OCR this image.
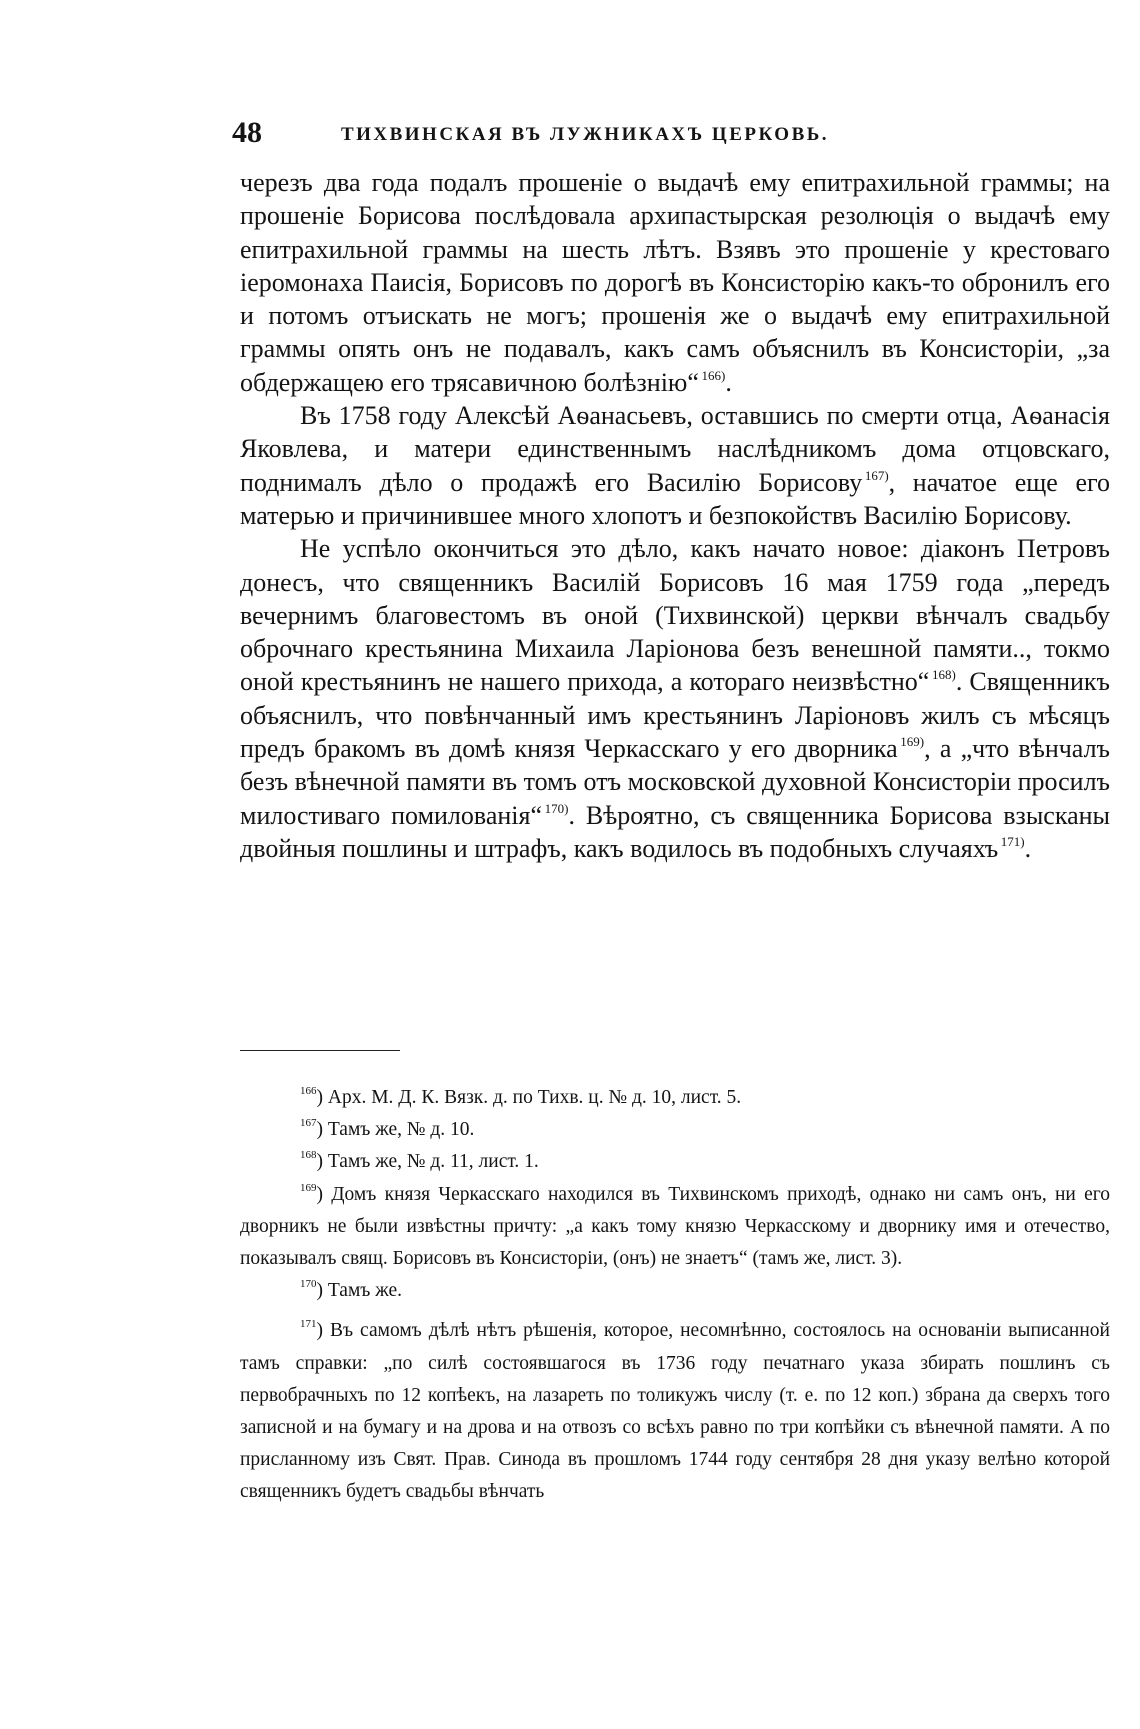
48	ТИХВИНСКАЯ ВЪ ЛУЖНИКАХЪ ЦЕРКОВЬ.

черезъ два года подалъ прошеніе о выдачѣ ему епитрахильной граммы; на прошеніе Борисова послѣдовала архипастырская резолюція о выдачѣ ему епитрахильной граммы на шесть лѣтъ. Взявъ это прошеніе у крестоваго іеромонаха Паисія, Борисовъ по дорогѣ въ Консисторію какъ-то обронилъ его и потомъ отъискать не могъ; прошенія же о выдачѣ ему епитрахильной граммы опять онъ не подавалъ, какъ самъ объяснилъ въ Консисторіи, „за обдержащею его трясавичною болѣзнію“  $^{166)}$.

Въ 1758 году Алексѣй Аѳанасьевъ, оставшись по смерти отца, Аѳанасія Яковлева, и матери единственнымъ наслѣдникомъ дома отцовскаго, поднималъ дѣло о продажѣ его Василію Борисову  $^{167)}$, начатое еще его матерью и причинившее много хлопотъ и безпокойствъ Василію Борисову.

Не успѣло окончиться это дѣло, какъ начато новое: діаконъ Петровъ донесъ, что священникъ Василій Борисовъ 16 мая 1759 года „передъ вечернимъ благовестомъ въ оной (Тихвинской) церкви вѣнчалъ свадьбу оброчнаго крестьянина Михаила Ларіонова безъ венешной памяти.., токмо оной крестьянинъ не нашего прихода, а котораго неизвѣстно“  $^{168)}$. Священникъ объяснилъ, что повѣнчанный имъ крестьянинъ Ларіоновъ жилъ съ мѣсяцъ предъ бракомъ въ домѣ князя Черкасскаго у его дворника  $^{169)}$, а „что вѣнчалъ безъ вѣнечной памяти въ томъ отъ московской духовной Консисторіи просилъ милостиваго помилованія“  $^{170)}$. Вѣроятно, съ священника Борисова взысканы двойныя пошлины и штрафъ, какъ водилось въ подобныхъ случаяхъ  $^{171)}$.

$^{166}$) Арх. М. Д. К. Вязк. д. по Тихв. ц. № д. 10, лист. 5.

$^{167}$) Тамъ же, № д. 10.

$^{168}$) Тамъ же, № д. 11, лист. 1.

$^{169}$) Домъ князя Черкасскаго находился въ Тихвинскомъ приходѣ, однако ни самъ онъ, ни его дворникъ не были извѣстны причту: „а какъ тому князю Черкасскому и дворнику имя и отечество, показывалъ свящ. Борисовъ въ Консисторіи, (онъ) не знаетъ“ (тамъ же, лист. 3).

$^{170}$) Тамъ же.

$^{171}$) Въ самомъ дѣлѣ нѣтъ рѣшенія, которое, несомнѣнно, состоялось на основаніи выписанной тамъ справки: „по силѣ состоявшагося въ 1736 году печатнаго указа збирать пошлинъ съ первобрачныхъ по 12 копѣекъ, на лазареть по толикужъ числу (т. е. по 12 коп.) збрана да сверхъ того записной и на бумагу и на дрова и на отвозъ со всѣхъ равно по три копѣйки съ вѣнечной памяти. А по присланному изъ Свят. Прав. Синода въ прошломъ 1744 году сентября 28 дня указу велѣно которой священникъ будетъ свадьбы вѣнчать
